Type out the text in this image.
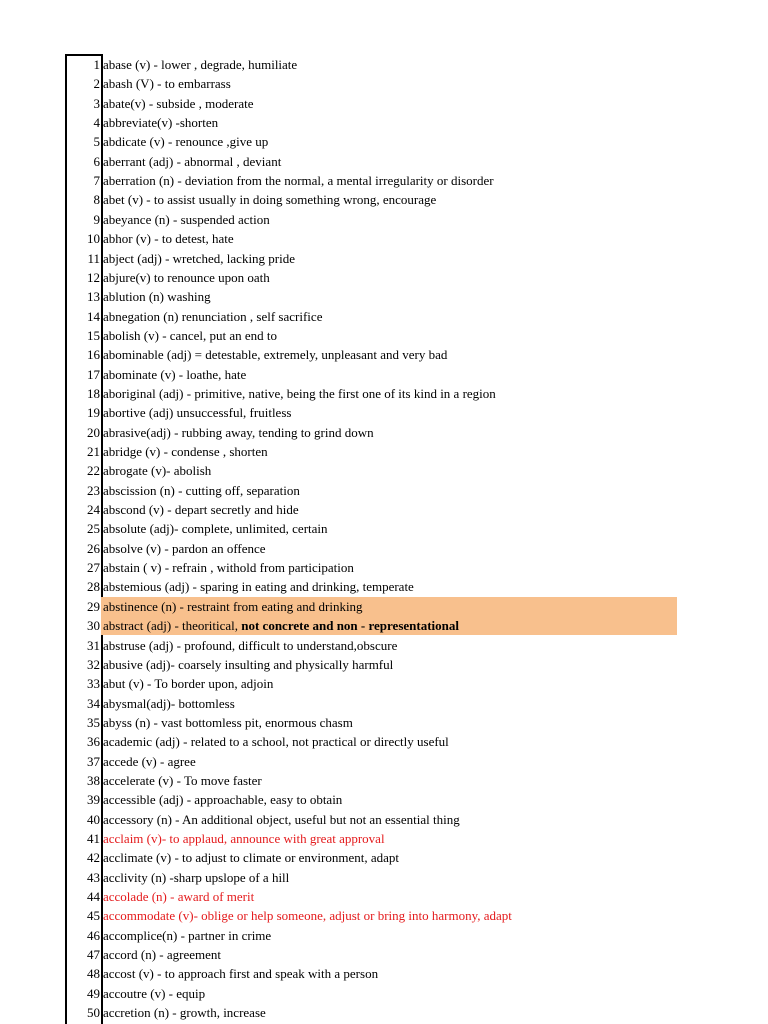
1 abase (v) - lower , degrade, humiliate
2 abash (V) - to embarrass
3 abate(v) - subside , moderate
4 abbreviate(v) -shorten
5 abdicate (v) - renounce ,give up
6 aberrant (adj) - abnormal , deviant
7 aberration (n) - deviation from the normal, a mental irregularity or disorder
8 abet (v) - to assist usually in doing something wrong, encourage
9 abeyance (n) - suspended action
10 abhor (v) - to detest, hate
11 abject (adj) - wretched, lacking pride
12 abjure(v) to renounce upon oath
13 ablution (n) washing
14 abnegation (n) renunciation , self sacrifice
15 abolish (v) - cancel, put an end to
16 abominable (adj) = detestable, extremely, unpleasant and very bad
17 abominate (v) - loathe, hate
18 aboriginal (adj) - primitive, native, being the first one of its kind in a region
19 abortive (adj) unsuccessful, fruitless
20 abrasive(adj) - rubbing away, tending to grind down
21 abridge (v) - condense , shorten
22 abrogate (v)- abolish
23 abscission (n) - cutting off, separation
24 abscond (v) - depart secretly and hide
25 absolute (adj)- complete, unlimited, certain
26 absolve (v) - pardon an offence
27 abstain ( v) - refrain , withold from participation
28 abstemious (adj) - sparing in eating and drinking, temperate
29 abstinence (n) - restraint from eating and drinking
30 abstract (adj) - theoritical, not concrete and non - representational
31 abstruse (adj) - profound, difficult to understand,obscure
32 abusive (adj)- coarsely insulting and physically harmful
33 abut (v) - To border upon, adjoin
34 abysmal(adj)- bottomless
35 abyss (n) - vast bottomless pit, enormous chasm
36 academic (adj) - related to a school, not practical or directly useful
37 accede (v) - agree
38 accelerate (v) - To move faster
39 accessible (adj) - approachable, easy to obtain
40 accessory (n) - An additional object, useful but not an essential thing
41 acclaim (v)- to applaud, announce with great approval
42 acclimate (v) - to adjust to climate or environment, adapt
43 acclivity (n) -sharp upslope of a hill
44 accolade (n) - award of merit
45 accommodate (v)- oblige or help someone, adjust or bring into harmony, adapt
46 accomplice(n) - partner in crime
47 accord (n) - agreement
48 accost (v) - to approach first and speak with a person
49 accoutre (v) - equip
50 accretion (n) - growth, increase
